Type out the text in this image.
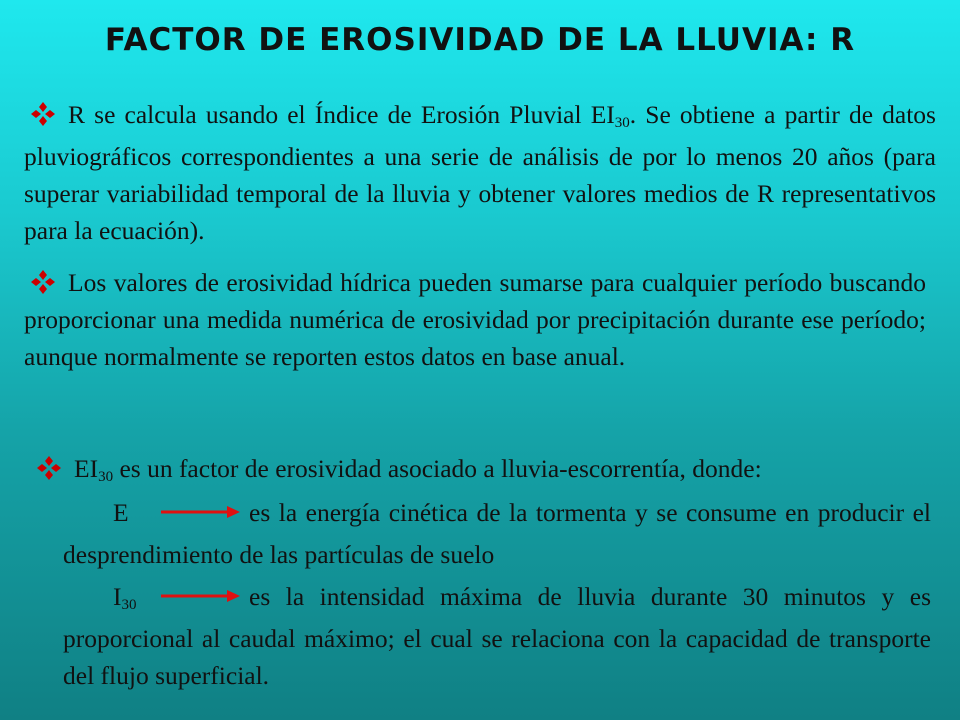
FACTOR DE EROSIVIDAD DE LA LLUVIA: R

R se calcula usando el Índice de Erosión Pluvial $EI_{30}$. Se obtiene a partir de datos pluviográficos correspondientes a una serie de análisis de por lo menos 20 años (para superar variabilidad temporal de la lluvia y obtener valores medios de R representativos para la ecuación).

Los valores de erosividad hídrica pueden sumarse para cualquier período buscando proporcionar una medida numérica de erosividad por precipitación durante ese período; aunque normalmente se reporten estos datos en base anual.

$EI_{30}$ es un factor de erosividad asociado a lluvia-escorrentía, donde:

E	es la energía cinética de la tormenta y se consume en producir el desprendimiento de las partículas de suelo

$I_{30}$	es la intensidad máxima de lluvia durante 30 minutos y es proporcional al caudal máximo; el cual se relaciona con la capacidad de transporte del flujo superficial.
